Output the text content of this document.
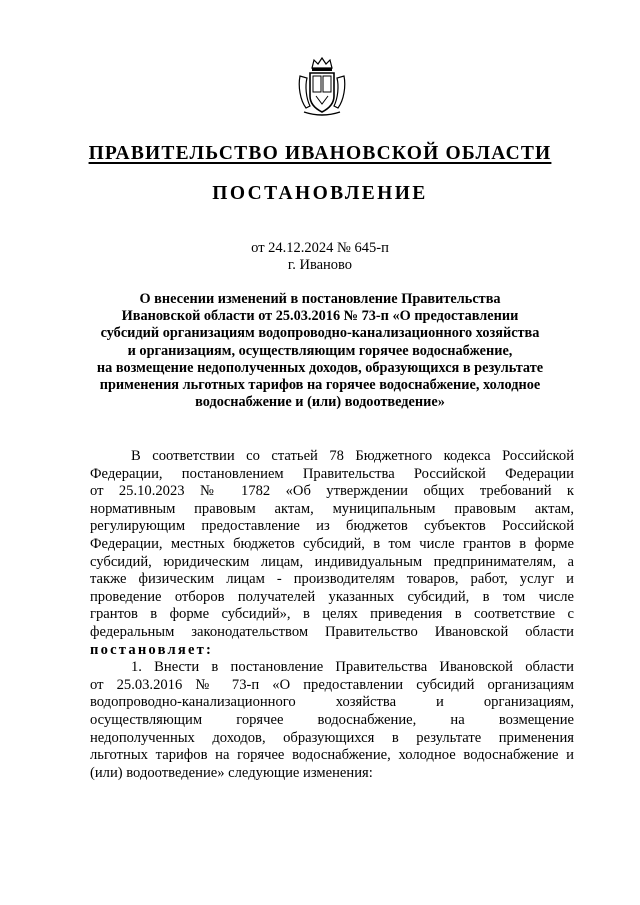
ПРАВИТЕЛЬСТВО ИВАНОВСКОЙ ОБЛАСТИ
ПОСТАНОВЛЕНИЕ
от 24.12.2024 № 645-п
г. Иваново
О внесении изменений в постановление Правительства
Ивановской области от 25.03.2016 № 73-п «О предоставлении
субсидий организациям водопроводно-канализационного хозяйства
и организациям, осуществляющим горячее водоснабжение,
на возмещение недополученных доходов, образующихся в результате
применения льготных тарифов на горячее водоснабжение, холодное
водоснабжение и (или) водоотведение»
В соответствии со статьей 78 Бюджетного кодекса Российской
Федерации, постановлением Правительства Российской Федерации
от 25.10.2023 № 1782 «Об утверждении общих требований к
нормативным правовым актам, муниципальным правовым актам,
регулирующим предоставление из бюджетов субъектов Российской
Федерации, местных бюджетов субсидий, в том числе грантов в форме
субсидий, юридическим лицам, индивидуальным предпринимателям, а
также физическим лицам - производителям товаров, работ, услуг и
проведение отборов получателей указанных субсидий, в том числе
грантов в форме субсидий», в целях приведения в соответствие с
федеральным законодательством Правительство Ивановской области
постановляет:
1. Внести в постановление Правительства Ивановской области
от 25.03.2016 № 73-п «О предоставлении субсидий организациям
водопроводно-канализационного хозяйства и организациям,
осуществляющим горячее водоснабжение, на возмещение
недополученных доходов, образующихся в результате применения
льготных тарифов на горячее водоснабжение, холодное водоснабжение и
(или) водоотведение» следующие изменения:
